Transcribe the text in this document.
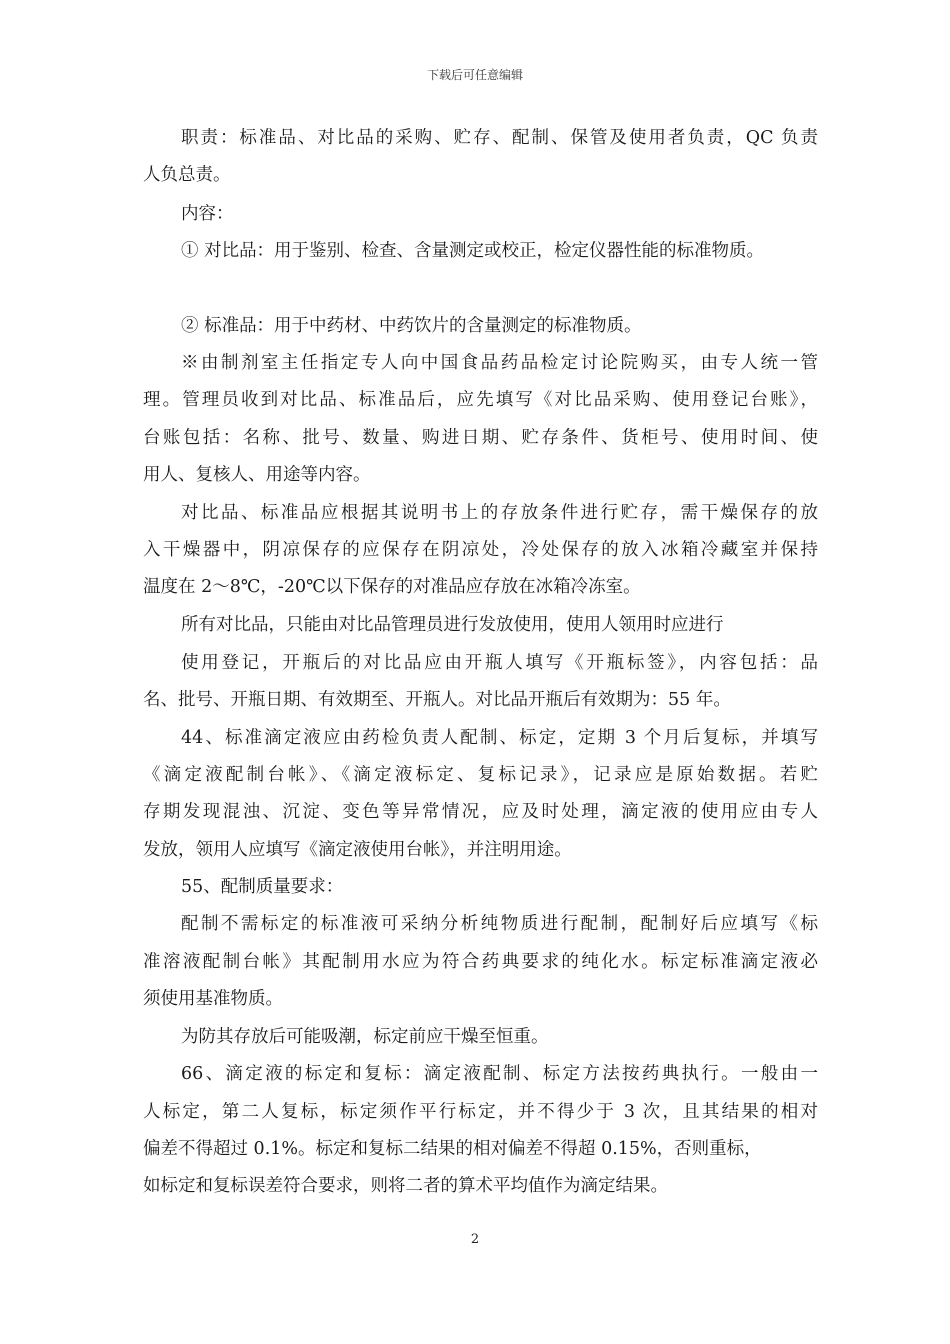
下载后可任意编辑
职责：标准品、对比品的采购、贮存、配制、保管及使用者负责，QC 负责
人负总责。
内容：
① 对比品：用于鉴别、检查、含量测定或校正，检定仪器性能的标准物质。
② 标准品：用于中药材、中药饮片的含量测定的标准物质。
※由制剂室主任指定专人向中国食品药品检定讨论院购买，由专人统一管
理。管理员收到对比品、标准品后，应先填写《对比品采购、使用登记台账》，
台账包括：名称、批号、数量、购进日期、贮存条件、货柜号、使用时间、使
用人、复核人、用途等内容。
对比品、标准品应根据其说明书上的存放条件进行贮存，需干燥保存的放
入干燥器中，阴凉保存的应保存在阴凉处，冷处保存的放入冰箱冷藏室并保持
温度在 2～8℃，-20℃以下保存的对准品应存放在冰箱冷冻室。
所有对比品，只能由对比品管理员进行发放使用，使用人领用时应进行
使用登记，开瓶后的对比品应由开瓶人填写《开瓶标签》，内容包括：品
名、批号、开瓶日期、有效期至、开瓶人。对比品开瓶后有效期为：55 年。
44、标准滴定液应由药检负责人配制、标定，定期 3 个月后复标，并填写
《滴定液配制台帐》、《滴定液标定、复标记录》，记录应是原始数据。若贮
存期发现混浊、沉淀、变色等异常情况，应及时处理，滴定液的使用应由专人
发放，领用人应填写《滴定液使用台帐》，并注明用途。
55、配制质量要求：
配制不需标定的标准液可采纳分析纯物质进行配制，配制好后应填写《标
准溶液配制台帐》其配制用水应为符合药典要求的纯化水。标定标准滴定液必
须使用基准物质。
为防其存放后可能吸潮，标定前应干燥至恒重。
66、滴定液的标定和复标：滴定液配制、标定方法按药典执行。一般由一
人标定，第二人复标，标定须作平行标定，并不得少于 3 次，且其结果的相对
偏差不得超过 0.1%。标定和复标二结果的相对偏差不得超 0.15%，否则重标，
如标定和复标误差符合要求，则将二者的算术平均值作为滴定结果。
2
